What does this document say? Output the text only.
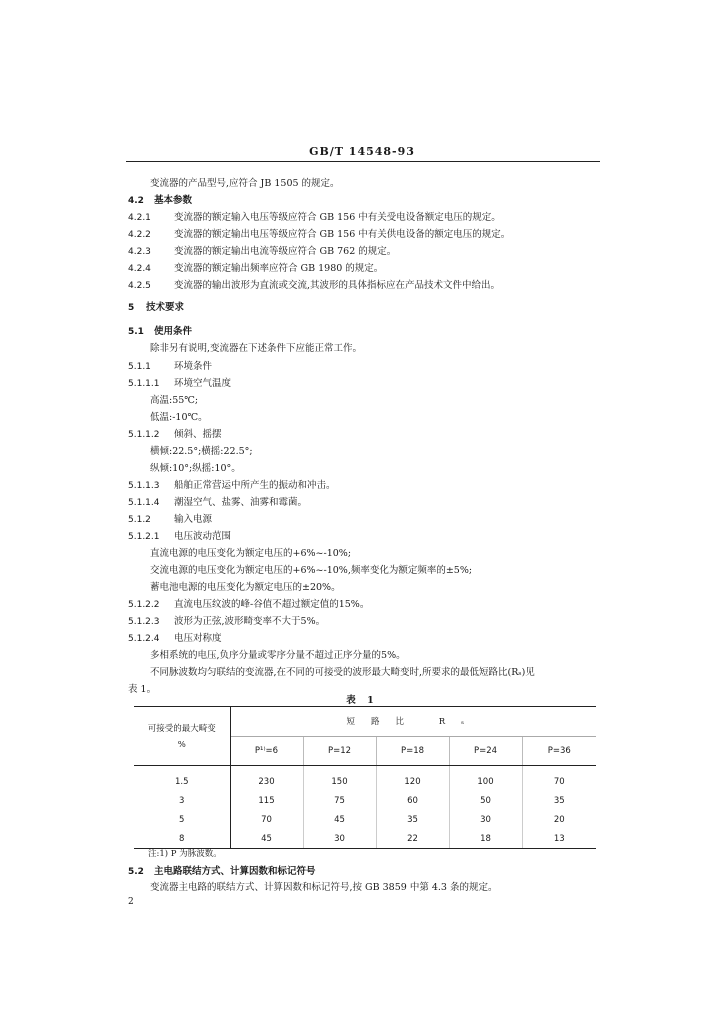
GB/T 14548-93
变流器的产品型号,应符合 JB 1505 的规定。
4.2 基本参数
4.2.1 变流器的额定输入电压等级应符合 GB 156 中有关受电设备额定电压的规定。
4.2.2 变流器的额定输出电压等级应符合 GB 156 中有关供电设备的额定电压的规定。
4.2.3 变流器的额定输出电流等级应符合 GB 762 的规定。
4.2.4 变流器的额定输出频率应符合 GB 1980 的规定。
4.2.5 变流器的输出波形为直流或交流,其波形的具体指标应在产品技术文件中给出。
5 技术要求
5.1 使用条件
除非另有说明,变流器在下述条件下应能正常工作。
5.1.1 环境条件
5.1.1.1 环境空气温度
高温:55℃;
低温:-10℃。
5.1.1.2 倾斜、摇摆
横倾:22.5°;横摇:22.5°;
纵倾:10°;纵摇:10°。
5.1.1.3 船舶正常营运中所产生的振动和冲击。
5.1.1.4 潮湿空气、盐雾、油雾和霉菌。
5.1.2 输入电源
5.1.2.1 电压波动范围
直流电源的电压变化为额定电压的+6%~-10%;
交流电源的电压变化为额定电压的+6%~-10%,频率变化为额定频率的±5%;
蓄电池电源的电压变化为额定电压的±20%。
5.1.2.2 直流电压纹波的峰-谷值不超过额定值的15%。
5.1.2.3 波形为正弦,波形畸变率不大于5%。
5.1.2.4 电压对称度
多相系统的电压,负序分量或零序分量不超过正序分量的5%。
不同脉波数均匀联结的变流器,在不同的可接受的波形最大畸变时,所要求的最低短路比(Rₛ)见
表 1。
表 1
可接受的最大畸变
%	短路比 Rₛ				
	P¹⁾=6	P=12	P=18	P=24	P=36
1.5	230	150	120	100	70
3	115	75	60	50	35
5	70	45	35	30	20
8	45	30	22	18	13
注:1) P 为脉波数。
5.2 主电路联结方式、计算因数和标记符号
变流器主电路的联结方式、计算因数和标记符号,按 GB 3859 中第 4.3 条的规定。
2
